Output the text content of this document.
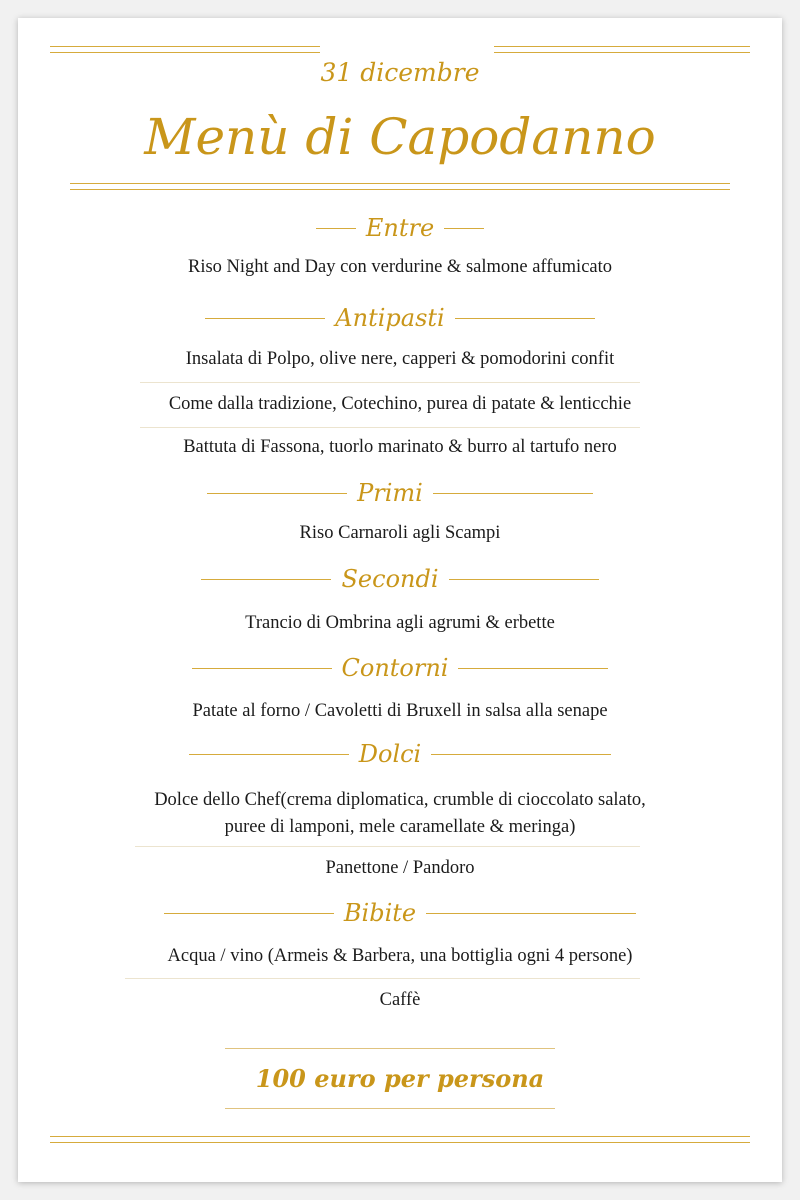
31 dicembre
Menù di Capodanno
Entre
Riso Night and Day con verdurine & salmone affumicato
Antipasti
Insalata di Polpo, olive nere, capperi & pomodorini confit
Come dalla tradizione, Cotechino, purea di patate & lenticchie
Battuta di Fassona, tuorlo marinato & burro al tartufo nero
Primi
Riso Carnaroli agli Scampi
Secondi
Trancio di Ombrina agli agrumi & erbette
Contorni
Patate al forno / Cavoletti di Bruxell in salsa alla senape
Dolci
Dolce dello Chef(crema diplomatica, crumble di cioccolato salato,
puree di lamponi, mele caramellate & meringa)
Panettone / Pandoro
Bibite
Acqua / vino (Armeis & Barbera, una bottiglia ogni 4 persone)
Caffè
100 euro per persona
